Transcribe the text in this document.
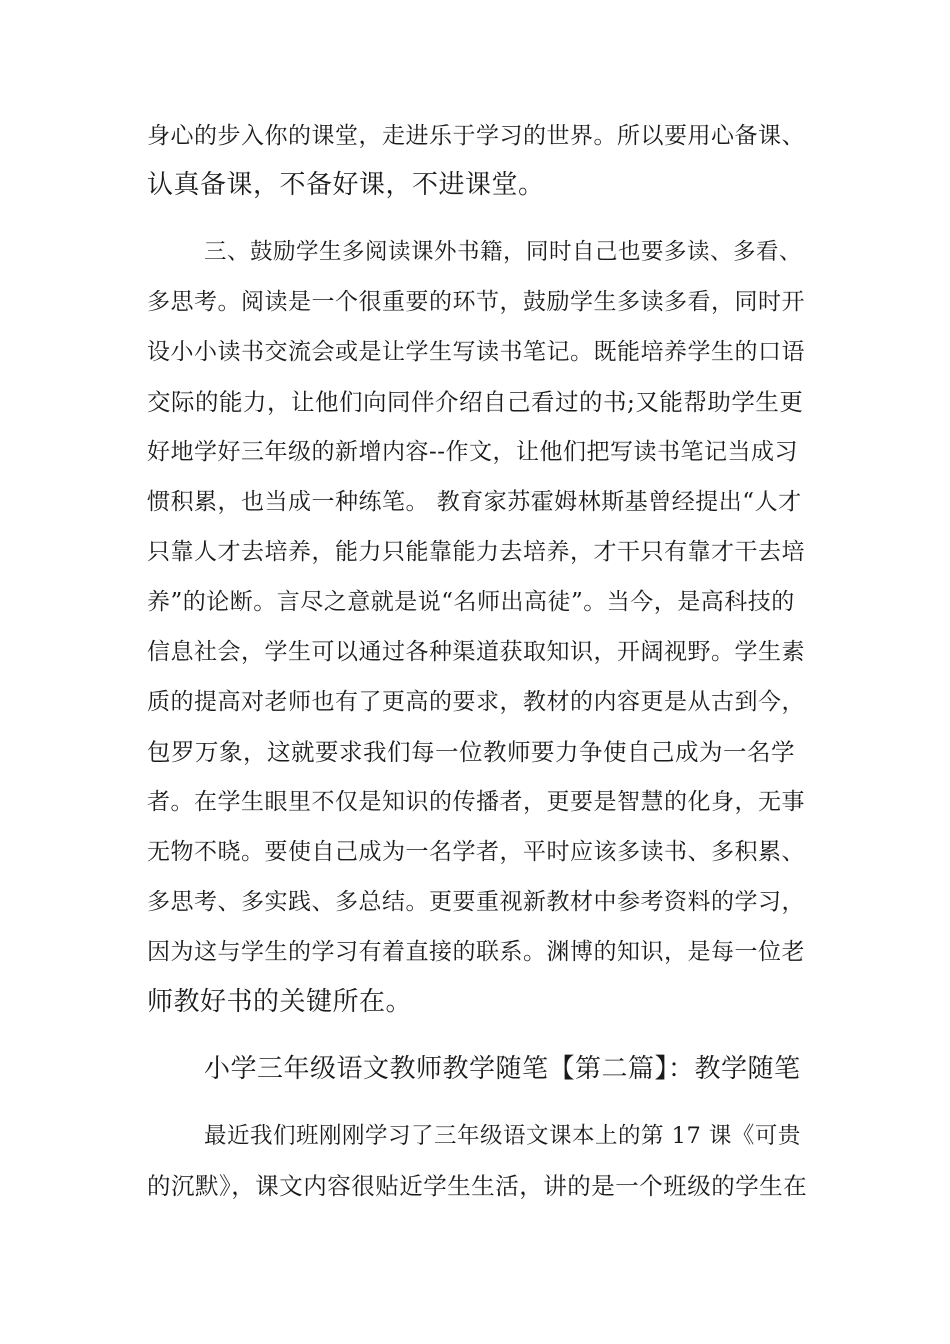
身心的步入你的课堂，走进乐于学习的世界。所以要用心备课、
认真备课，不备好课，不进课堂。
三、鼓励学生多阅读课外书籍，同时自己也要多读、多看、
多思考。阅读是一个很重要的环节，鼓励学生多读多看，同时开
设小小读书交流会或是让学生写读书笔记。既能培养学生的口语
交际的能力，让他们向同伴介绍自己看过的书;又能帮助学生更
好地学好三年级的新增内容--作文，让他们把写读书笔记当成习
惯积累，也当成一种练笔。 教育家苏霍姆林斯基曾经提出“人才
只靠人才去培养，能力只能靠能力去培养，才干只有靠才干去培
养”的论断。言尽之意就是说“名师出高徒”。当今，是高科技的
信息社会，学生可以通过各种渠道获取知识，开阔视野。学生素
质的提高对老师也有了更高的要求，教材的内容更是从古到今，
包罗万象，这就要求我们每一位教师要力争使自己成为一名学
者。在学生眼里不仅是知识的传播者，更要是智慧的化身，无事
无物不晓。要使自己成为一名学者，平时应该多读书、多积累、
多思考、多实践、多总结。更要重视新教材中参考资料的学习，
因为这与学生的学习有着直接的联系。渊博的知识，是每一位老
师教好书的关键所在。
小学三年级语文教师教学随笔【第二篇】：教学随笔
最近我们班刚刚学习了三年级语文课本上的第 17 课《可贵
的沉默》，课文内容很贴近学生生活，讲的是一个班级的学生在
